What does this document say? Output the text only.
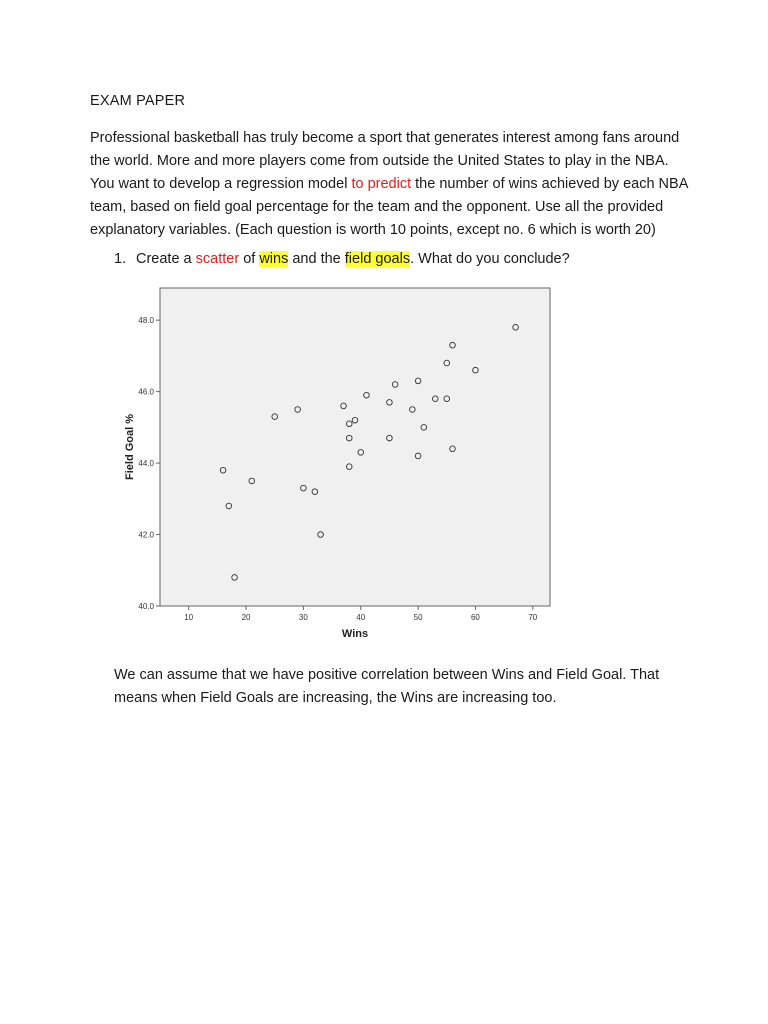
EXAM PAPER

Professional basketball has truly become a sport that generates interest among fans around the world. More and more players come from outside the United States to play in the NBA. You want to develop a regression model to predict the number of wins achieved by each NBA team, based on field goal percentage for the team and the opponent. Use all the provided explanatory variables. (Each question is worth 10 points, except no. 6 which is worth 20)

1. Create a scatter of wins and the field goals. What do you conclude?
10	20	30	40	50	60	70
40.0
42.0
44.0
46.0
48.0
Wins
Field Goal %

We can assume that we have positive correlation between Wins and Field Goal. That means when Field Goals are increasing, the Wins are increasing too.
